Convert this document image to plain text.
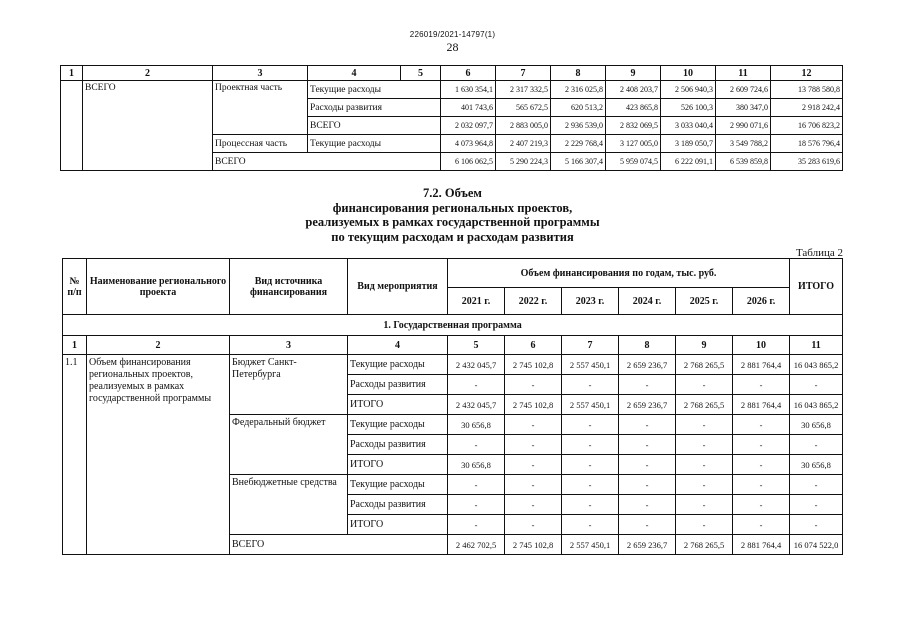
226019/2021-14797(1)
28
1	2	3	4	5	6	7	8	9	10	11	12
	ВСЕГО	Проектная часть	Текущие расходы		1 630 354,1	2 317 332,5	2 316 025,8	2 408 203,7	2 506 940,3	2 609 724,6	13 788 580,8
			Расходы развития		401 743,6	565 672,5	620 513,2	423 865,8	526 100,3	380 347,0	2 918 242,4
			ВСЕГО		2 032 097,7	2 883 005,0	2 936 539,0	2 832 069,5	3 033 040,4	2 990 071,6	16 706 823,2
		Процессная часть	Текущие расходы		4 073 964,8	2 407 219,3	2 229 768,4	3 127 005,0	3 189 050,7	3 549 788,2	18 576 796,4
		ВСЕГО			6 106 062,5	5 290 224,3	5 166 307,4	5 959 074,5	6 222 091,1	6 539 859,8	35 283 619,6
7.2. Объем
финансирования региональных проектов,
реализуемых в рамках государственной программы
по текущим расходам и расходам развития
Таблица 2
№ п/п	Наименование регионального проекта	Вид источника финансирования	Вид мероприятия	Объем финансирования по годам, тыс. руб.						ИТОГО
				2021 г.	2022 г.	2023 г.	2024 г.	2025 г.	2026 г.	
1. Государственная программа										
1	2	3	4	5	6	7	8	9	10	11
1.1	Объем финансирования региональных проектов, реализуемых в рамках государственной программы	Бюджет Санкт-Петербурга	Текущие расходы	2 432 045,7	2 745 102,8	2 557 450,1	2 659 236,7	2 768 265,5	2 881 764,4	16 043 865,2
			Расходы развития	-	-	-	-	-	-	-
			ИТОГО	2 432 045,7	2 745 102,8	2 557 450,1	2 659 236,7	2 768 265,5	2 881 764,4	16 043 865,2
		Федеральный бюджет	Текущие расходы	30 656,8	-	-	-	-	-	30 656,8
			Расходы развития	-	-	-	-	-	-	-
			ИТОГО	30 656,8	-	-	-	-	-	30 656,8
		Внебюджетные средства	Текущие расходы	-	-	-	-	-	-	-
			Расходы развития	-	-	-	-	-	-	-
			ИТОГО	-	-	-	-	-	-	-
		ВСЕГО		2 462 702,5	2 745 102,8	2 557 450,1	2 659 236,7	2 768 265,5	2 881 764,4	16 074 522,0
